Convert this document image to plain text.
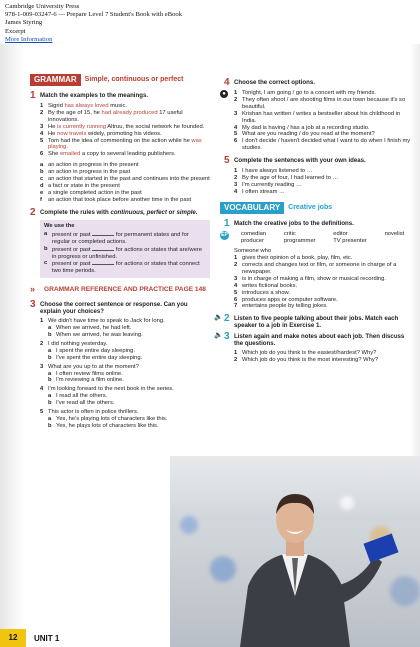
Cambridge University Press
978-1-009-03247-6 — Prepare Level 7 Student's Book with eBook
James Styring
Excerpt
More Information
GRAMMAR	Simple, continuous or perfect
1 Match the examples to the meanings.
1 Sigrid has always loved music.
2 By the age of 15, he had already produced 17 useful innovations.
3 He is currently running Altruu, the social network he founded.
4 He now travels widely, promoting his videos.
5 Tom had the idea of commenting on the action while he was playing.
6 She emailed a copy to several leading publishers.
a an action in progress in the present
b an action in progress in the past
c an action that started in the past and continues into the present
d a fact or state in the present
e a single completed action in the past
f	an action that took place before another time in the past
2 Complete the rules with continuous, perfect or simple.
We use the
a present or past	for permanent states and for regular or completed actions.
b present or past	for actions or states that are/were in progress or unfinished.
c present or past	for actions or states that connect two time periods.
»	GRAMMAR REFERENCE AND PRACTICE PAGE 148
3 Choose the correct sentence or response. Can you explain your choices?
1 We didn't have time to speak to Jack for long.
a When we arrived, he had left.
b When we arrived, he was leaving.
2 I did nothing yesterday.
a I spent the entire day sleeping.
b I've spent the entire day sleeping.
3 What are you up to at the moment?
a I often review films online.
b I'm reviewing a film online.
4 I'm looking forward to the next book in the series.
a I read all the others.
b I've read all the others.
5 This actor is often in police thrillers.
a Yes, he's playing lots of characters like this.
b Yes, he plays lots of characters like this.
4 Choose the correct options.
●	1 Tonight, I am going / go to a concert with my friends.
2 They often shoot / are shooting films in our town because it's so beautiful.
3 Krishan has written / writes a bestseller about his childhood in India.
4 My dad is having / has a job at a recording studio.
5 What are you reading / do you read at the moment?
6 I don't decide / haven't decided what I want to do when I finish my studies.
5 Complete the sentences with your own ideas.
1 I have always listened to …
2 By the age of four, I had learned to …
3 I'm currently reading …
4 I often stream …
VOCABULARY	Creative jobs
1 Match the creative jobs to the definitions.
EP comedian	critic	editor	novelist
producer	programmer	TV presenter
Someone who
1 gives their opinion of a book, play, film, etc.
2 corrects and changes text or film, or someone in charge of a newspaper.
3 is in charge of making a film, show or musical recording.
4 writes fictional books.
5 introduces a show.
6 produces apps or computer software.
7 entertains people by telling jokes.
🔈 2 Listen to five people talking about their jobs. Match each speaker to a job in Exercise 1.
🔈 3 Listen again and make notes about each job. Then discuss the questions.
1 Which job do you think is the easiest/hardest? Why?
2 Which job do you think is the most interesting? Why?
12	UNIT 1
